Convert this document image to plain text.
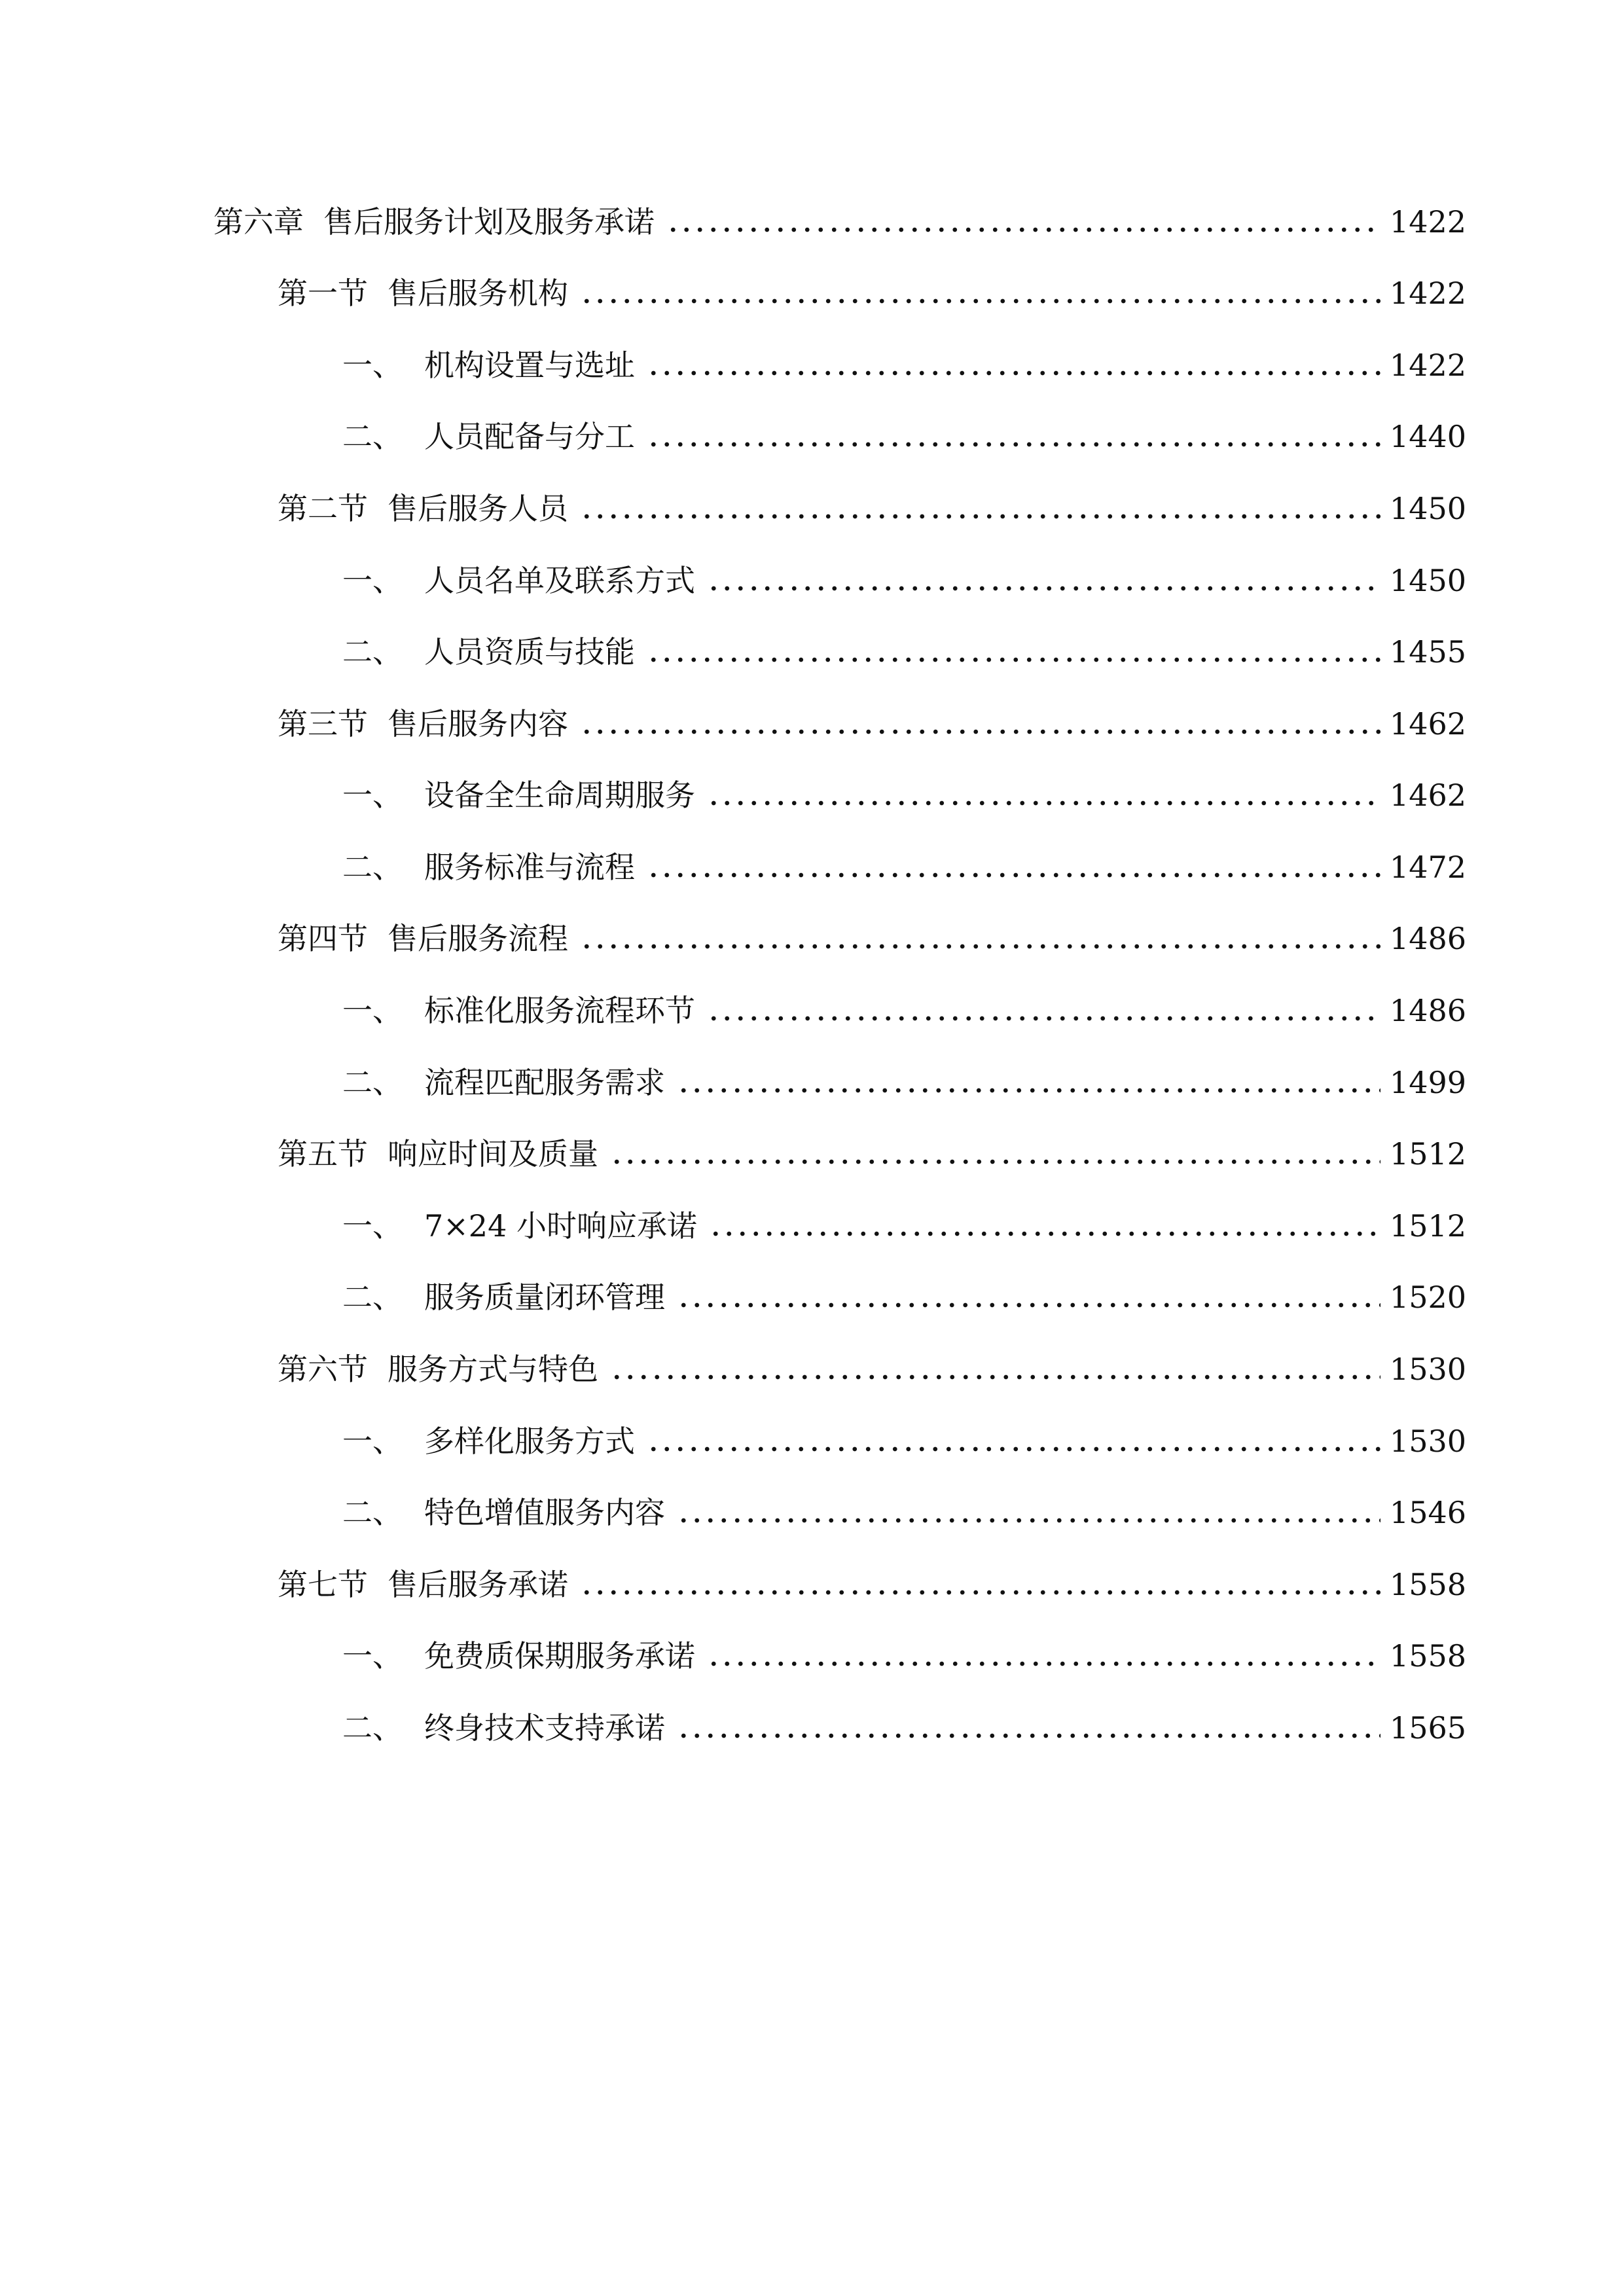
第六章 售后服务计划及服务承诺	1422
第一节 售后服务机构	1422
一、 机构设置与选址	1422
二、 人员配备与分工	1440
第二节 售后服务人员	1450
一、 人员名单及联系方式	1450
二、 人员资质与技能	1455
第三节 售后服务内容	1462
一、 设备全生命周期服务	1462
二、 服务标准与流程	1472
第四节 售后服务流程	1486
一、 标准化服务流程环节	1486
二、 流程匹配服务需求	1499
第五节 响应时间及质量	1512
一、 7×24 小时响应承诺	1512
二、 服务质量闭环管理	1520
第六节 服务方式与特色	1530
一、 多样化服务方式	1530
二、 特色增值服务内容	1546
第七节 售后服务承诺	1558
一、 免费质保期服务承诺	1558
二、 终身技术支持承诺	1565
